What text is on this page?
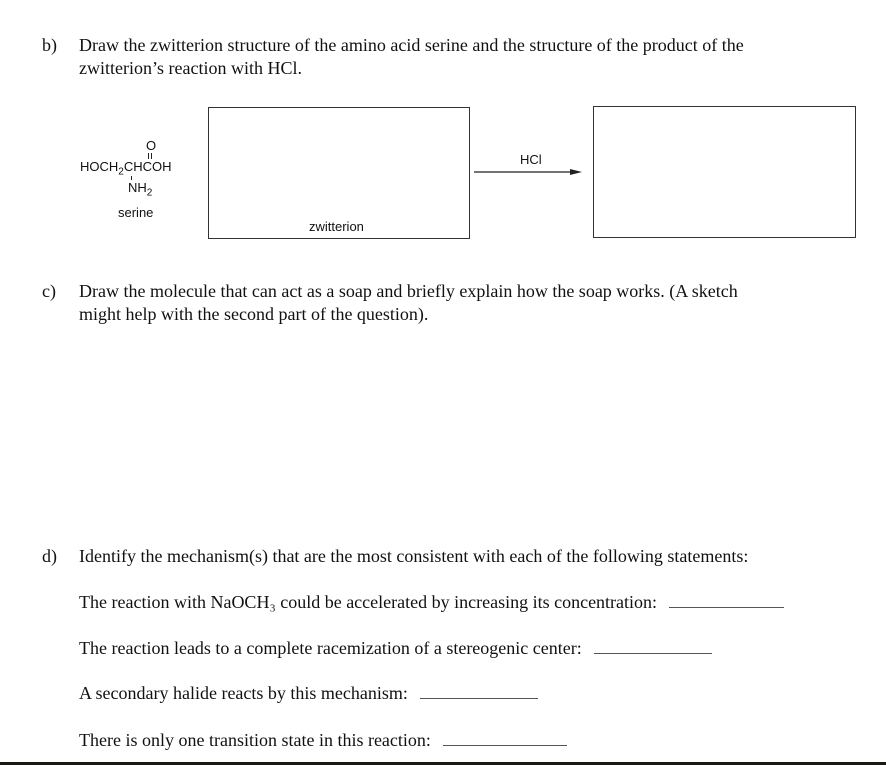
b) Draw the zwitterion structure of the amino acid serine and the structure of the product of the
zwitterion’s reaction with HCl.
O
$HOCH_2CHCOH$
$NH_2$
serine
zwitterion
HCl
c) Draw the molecule that can act as a soap and briefly explain how the soap works. (A sketch
might help with the second part of the question).
d) Identify the mechanism(s) that are the most consistent with each of the following statements:
The reaction with NaOCH₃ could be accelerated by increasing its concentration:
The reaction leads to a complete racemization of a stereogenic center:
A secondary halide reacts by this mechanism:
There is only one transition state in this reaction:
